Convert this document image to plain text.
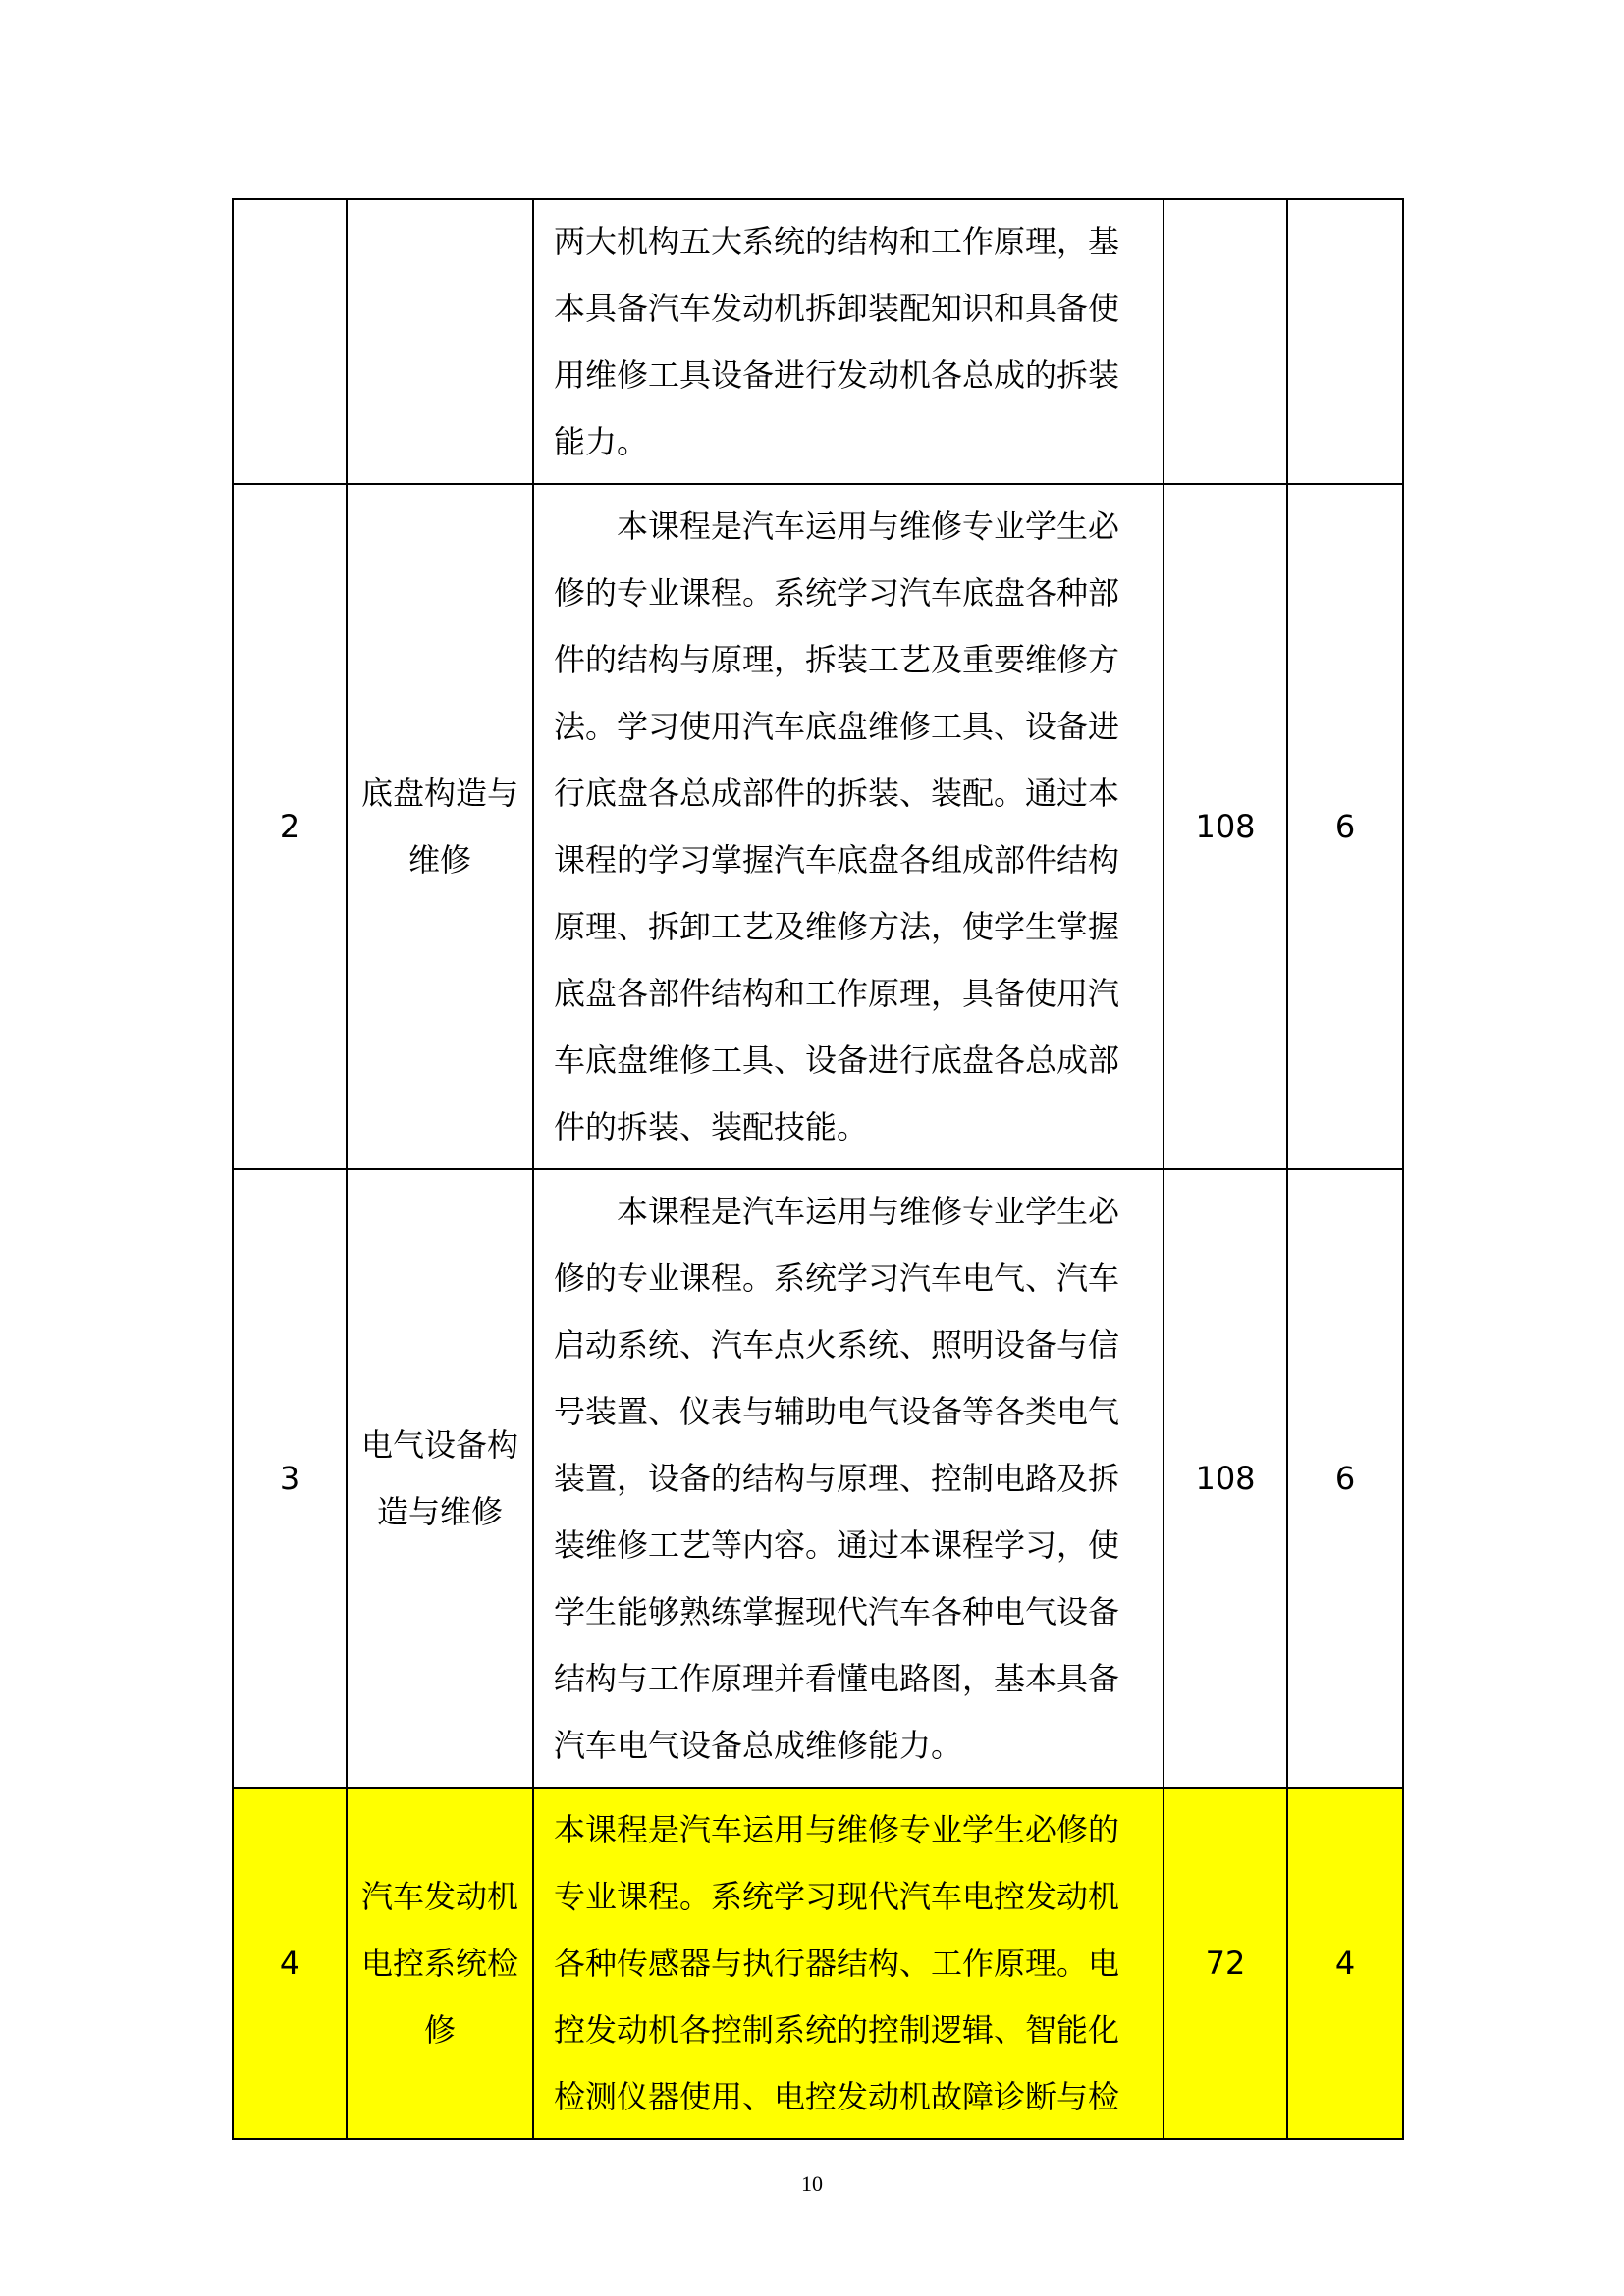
		两大机构五大系统的结构和工作原理，基本具备汽车发动机拆卸装配知识和具备使用维修工具设备进行发动机各总成的拆装能力。		
2	底盘构造与维修	本课程是汽车运用与维修专业学生必修的专业课程。系统学习汽车底盘各种部件的结构与原理，拆装工艺及重要维修方法。学习使用汽车底盘维修工具、设备进行底盘各总成部件的拆装、装配。通过本课程的学习掌握汽车底盘各组成部件结构原理、拆卸工艺及维修方法，使学生掌握底盘各部件结构和工作原理，具备使用汽车底盘维修工具、设备进行底盘各总成部件的拆装、装配技能。	108	6
3	电气设备构造与维修	本课程是汽车运用与维修专业学生必修的专业课程。系统学习汽车电气、汽车启动系统、汽车点火系统、照明设备与信号装置、仪表与辅助电气设备等各类电气装置，设备的结构与原理、控制电路及拆装维修工艺等内容。通过本课程学习，使学生能够熟练掌握现代汽车各种电气设备结构与工作原理并看懂电路图，基本具备汽车电气设备总成维修能力。	108	6
4	汽车发动机电控系统检修	本课程是汽车运用与维修专业学生必修的专业课程。系统学习现代汽车电控发动机各种传感器与执行器结构、工作原理。电控发动机各控制系统的控制逻辑、智能化检测仪器使用、电控发动机故障诊断与检	72	4
10
